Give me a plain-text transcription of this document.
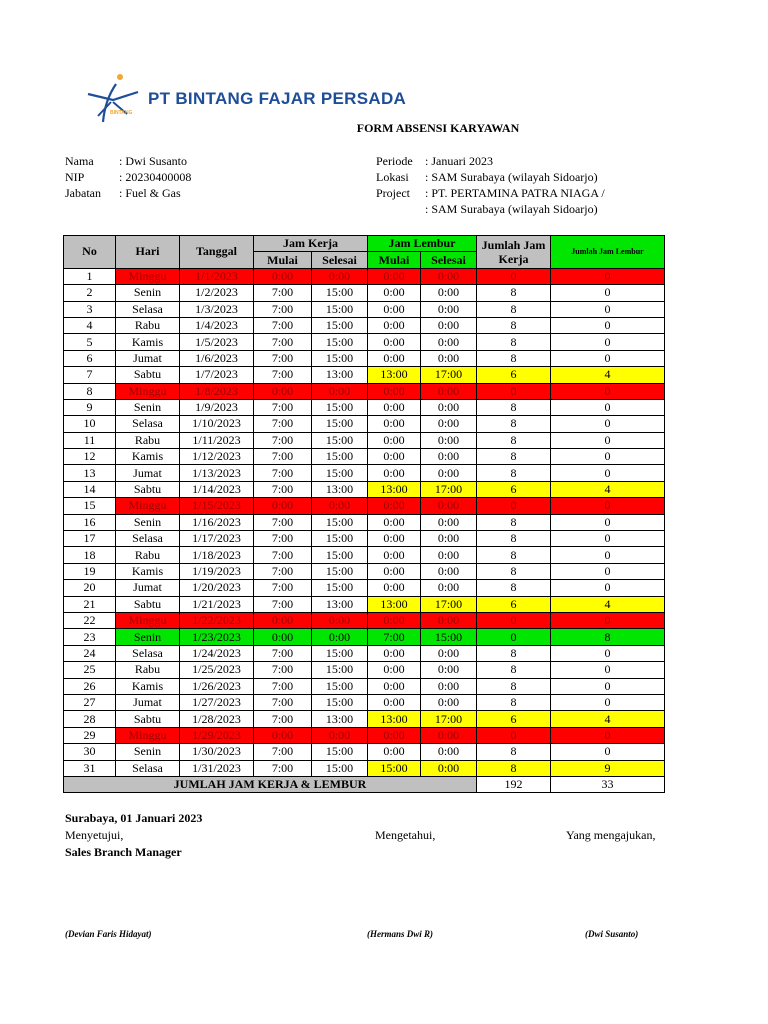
BINTANG
PT BINTANG FAJAR PERSADA
FORM ABSENSI KARYAWAN
Nama : Dwi Susanto
NIP	: 20230400008
Jabatan : Fuel & Gas
Periode : Januari 2023
Lokasi : SAM Surabaya (wilayah Sidoarjo)
Project : PT. PERTAMINA PATRA NIAGA /
: SAM Surabaya (wilayah Sidoarjo)
No	Hari	Tanggal	Jam Kerja		Jam Lembur		Jumlah Jam Kerja	Jumlah Jam Lembur
			Mulai	Selesai	Mulai	Selesai		
1	Minggu	1/1/2023	0:00	0:00	0:00	0:00	0	0
2	Senin	1/2/2023	7:00	15:00	0:00	0:00	8	0
3	Selasa	1/3/2023	7:00	15:00	0:00	0:00	8	0
4	Rabu	1/4/2023	7:00	15:00	0:00	0:00	8	0
5	Kamis	1/5/2023	7:00	15:00	0:00	0:00	8	0
6	Jumat	1/6/2023	7:00	15:00	0:00	0:00	8	0
7	Sabtu	1/7/2023	7:00	13:00	13:00	17:00	6	4
8	Minggu	1/8/2023	0:00	0:00	0:00	0:00	0	0
9	Senin	1/9/2023	7:00	15:00	0:00	0:00	8	0
10	Selasa	1/10/2023	7:00	15:00	0:00	0:00	8	0
11	Rabu	1/11/2023	7:00	15:00	0:00	0:00	8	0
12	Kamis	1/12/2023	7:00	15:00	0:00	0:00	8	0
13	Jumat	1/13/2023	7:00	15:00	0:00	0:00	8	0
14	Sabtu	1/14/2023	7:00	13:00	13:00	17:00	6	4
15	Minggu	1/15/2023	0:00	0:00	0:00	0:00	0	0
16	Senin	1/16/2023	7:00	15:00	0:00	0:00	8	0
17	Selasa	1/17/2023	7:00	15:00	0:00	0:00	8	0
18	Rabu	1/18/2023	7:00	15:00	0:00	0:00	8	0
19	Kamis	1/19/2023	7:00	15:00	0:00	0:00	8	0
20	Jumat	1/20/2023	7:00	15:00	0:00	0:00	8	0
21	Sabtu	1/21/2023	7:00	13:00	13:00	17:00	6	4
22	Minggu	1/22/2023	0:00	0:00	0:00	0:00	0	0
23	Senin	1/23/2023	0:00	0:00	7:00	15:00	0	8
24	Selasa	1/24/2023	7:00	15:00	0:00	0:00	8	0
25	Rabu	1/25/2023	7:00	15:00	0:00	0:00	8	0
26	Kamis	1/26/2023	7:00	15:00	0:00	0:00	8	0
27	Jumat	1/27/2023	7:00	15:00	0:00	0:00	8	0
28	Sabtu	1/28/2023	7:00	13:00	13:00	17:00	6	4
29	Minggu	1/29/2023	0:00	0:00	0:00	0:00	0	0
30	Senin	1/30/2023	7:00	15:00	0:00	0:00	8	0
31	Selasa	1/31/2023	7:00	15:00	15:00	0:00	8	9
JUMLAH JAM KERJA & LEMBUR							192	33
Surabaya, 01 Januari 2023
Menyetujui,	Mengetahui,	Yang mengajukan,
Sales Branch Manager
(Devian Faris Hidayat)	(Hermans Dwi R)	(Dwi Susanto)
